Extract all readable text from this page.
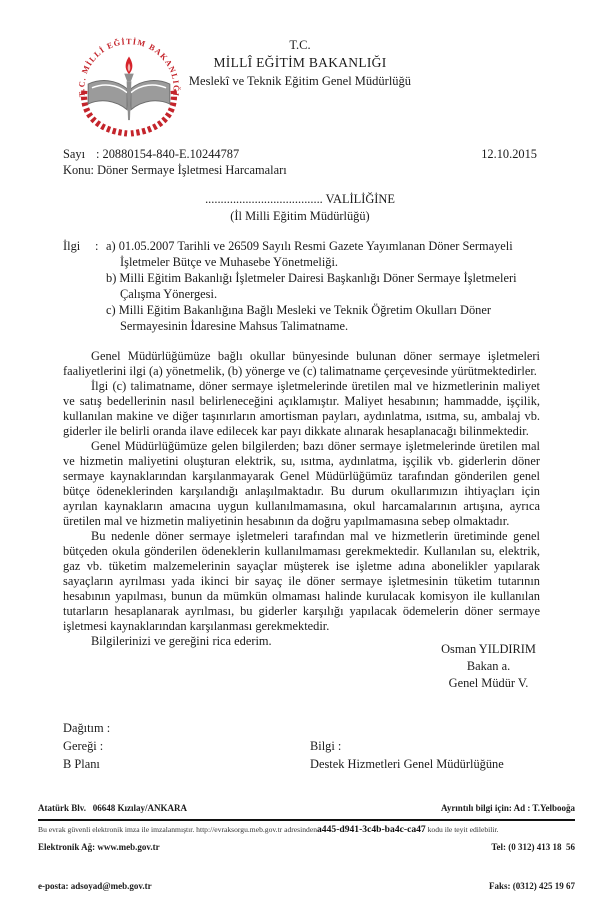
T.C. MİLLİ EĞİTİM BAKANLIĞI
T.C.
MİLLÎ EĞİTİM BAKANLIĞI
Meslekî ve Teknik Eğitim Genel Müdürlüğü
Sayı : 20880154-840-E.10244787	12.10.2015
Konu: Döner Sermaye İşletmesi Harcamaları
...................................... VALİLİĞİNE
(İl Milli Eğitim Müdürlüğü)
İlgi	: a) 01.05.2007 Tarihli ve 26509 Sayılı Resmi Gazete Yayımlanan Döner Sermayeli İşletmeler Bütçe ve Muhasebe Yönetmeliği.
b) Milli Eğitim Bakanlığı İşletmeler Dairesi Başkanlığı Döner Sermaye İşletmeleri Çalışma Yönergesi.
c) Milli Eğitim Bakanlığına Bağlı Mesleki ve Teknik Öğretim Okulları Döner Sermayesinin İdaresine Mahsus Talimatname.

Genel Müdürlüğümüze bağlı okullar bünyesinde bulunan döner sermaye işletmeleri faaliyetlerini ilgi (a) yönetmelik, (b) yönerge ve (c) talimatname çerçevesinde yürütmektedirler.

İlgi (c) talimatname, döner sermaye işletmelerinde üretilen mal ve hizmetlerinin maliyet ve satış bedellerinin nasıl belirleneceğini açıklamıştır. Maliyet hesabının; hammadde, işçilik, kullanılan makine ve diğer taşınırların amortisman payları, aydınlatma, ısıtma, su, ambalaj vb. giderler ile belirli oranda ilave edilecek kar payı dikkate alınarak hesaplanacağı bilinmektedir.

Genel Müdürlüğümüze gelen bilgilerden; bazı döner sermaye işletmelerinde üretilen mal ve hizmetin maliyetini oluşturan elektrik, su, ısıtma, aydınlatma, işçilik vb. giderlerin döner sermaye kaynaklarından karşılanmayarak Genel Müdürlüğümüz tarafından gönderilen genel bütçe ödeneklerinden karşılandığı anlaşılmaktadır. Bu durum okullarımızın ihtiyaçları için ayrılan kaynakların amacına uygun kullanılmamasına, okul harcamalarının artışına, ayrıca üretilen mal ve hizmetin maliyetinin hesabının da doğru yapılmamasına sebep olmaktadır.

Bu nedenle döner sermaye işletmeleri tarafından mal ve hizmetlerin üretiminde genel bütçeden okula gönderilen ödeneklerin kullanılmaması gerekmektedir. Kullanılan su, elektrik, gaz vb. tüketim malzemelerinin sayaçlar müşterek ise işletme adına abonelikler yapılarak sayaçların ayrılması yada ikinci bir sayaç ile döner sermaye işletmesinin tüketim tutarının hesabının yapılması, bunun da mümkün olmaması halinde kurulacak komisyon ile kullanılan tutarların hesaplanarak ayrılması, bu giderler karşılığı yapılacak ödemelerin döner sermaye işletmesi kaynaklarından karşılanması gerekmektedir.

Bilgilerinizi ve gereğini rica ederim.

Osman YILDIRIM
Bakan a.
Genel Müdür V.
Dağıtım :
Gereği :
B Planı
Bilgi :
Destek Hizmetleri Genel Müdürlüğüne

Atatürk Blv.   06648 Kızılay/ANKARA

Elektronik Ağ: www.meb.gov.tr

e-posta: adsoyad@meb.gov.tr

Ayrıntılı bilgi için: Ad : T.Yelbooğa

Tel: (0 312) 413 18  56

Faks: (0312) 425 19 67

Bu evrak güvenli elektronik imza ile imzalanmıştır. http://evraksorgu.meb.gov.tr adresindena445-d941-3c4b-ba4c-ca47 kodu ile teyit edilebilir.
